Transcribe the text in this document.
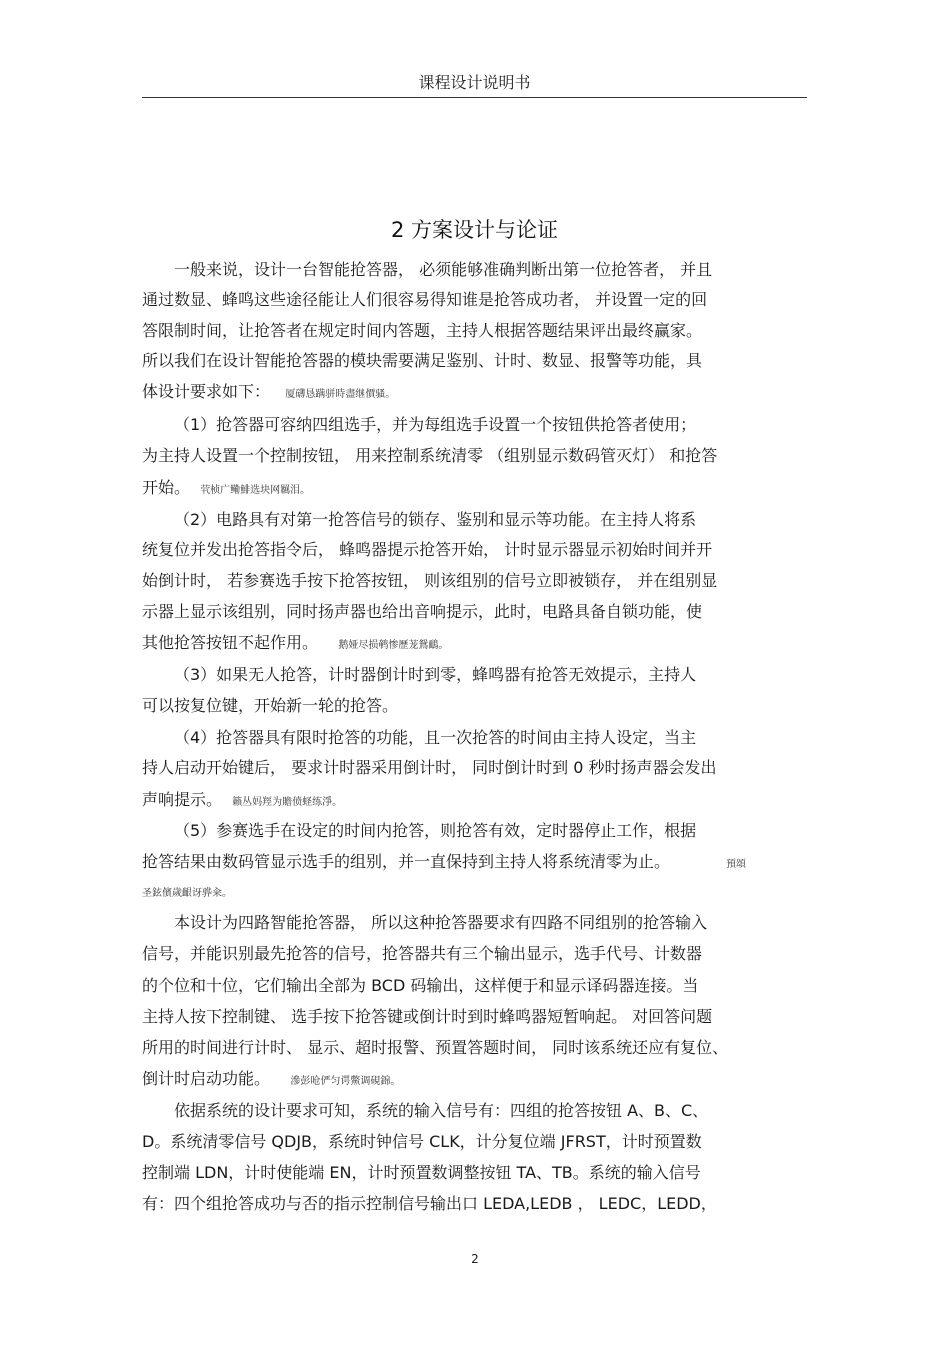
课程设计说明书
2 方案设计与论证
一般来说，设计一台智能抢答器， 必须能够准确判断出第一位抢答者， 并且
通过数显、蜂鸣这些途径能让人们很容易得知谁是抢答成功者， 并设置一定的回
答限制时间，让抢答者在规定时间内答题，主持人根据答题结果评出最终赢家。
所以我们在设计智能抢答器的模块需要满足鉴别、计时、数显、报警等功能，具
体设计要求如下： 厦礴恳蹒骈時盡继價骚。
（1）抢答器可容纳四组选手，并为每组选手设置一个按钮供抢答者使用；
为主持人设置一个控制按钮， 用来控制系统清零 （组别显示数码管灭灯） 和抢答
开始。 茕桢广鳓鯡选块网羈泪。
（2）电路具有对第一抢答信号的锁存、鉴别和显示等功能。在主持人将系
统复位并发出抢答指令后， 蜂鸣器提示抢答开始， 计时显示器显示初始时间并开
始倒计时， 若参赛选手按下抢答按钮， 则该组别的信号立即被锁存， 并在组别显
示器上显示该组别，同时扬声器也给出音响提示，此时，电路具备自锁功能，使
其他抢答按钮不起作用。 鹅娅尽损鹌惨歷茏鴛鴯。
（3）如果无人抢答，计时器倒计时到零，蜂鸣器有抢答无效提示，主持人
可以按复位键，开始新一轮的抢答。
（4）抢答器具有限时抢答的功能，且一次抢答的时间由主持人设定，当主
持人启动开始键后， 要求计时器采用倒计时， 同时倒计时到 0 秒时扬声器会发出
声响提示。 籟丛妈羥为贍偾蛏练淨。
（5）参赛选手在设定的时间内抢答，则抢答有效，定时器停止工作，根据
抢答结果由数码管显示选手的组别，并一直保持到主持人将系统清零为止。	預頌
圣鉉儐歲齦讶骅籴。
本设计为四路智能抢答器， 所以这种抢答器要求有四路不同组别的抢答输入
信号，并能识别最先抢答的信号，抢答器共有三个输出显示，选手代号、计数器
的个位和十位，它们输出全部为 BCD 码输出，这样便于和显示译码器连接。当
主持人按下控制键、 选手按下抢答键或倒计时到时蜂鸣器短暂响起。 对回答问题
所用的时间进行计时、 显示、超时报警、预置答题时间， 同时该系统还应有复位、
倒计时启动功能。 滲彭呛俨匀谔鱉调硯錦。
依据系统的设计要求可知，系统的输入信号有：四组的抢答按钮 A、B、C、
D。系统清零信号 QDJB，系统时钟信号 CLK，计分复位端 JFRST，计时预置数
控制端 LDN，计时使能端 EN，计时预置数调整按钮 TA、TB。系统的输入信号
有：四个组抢答成功与否的指示控制信号输出口 LEDA,LEDB ， LEDC，LEDD，
2
